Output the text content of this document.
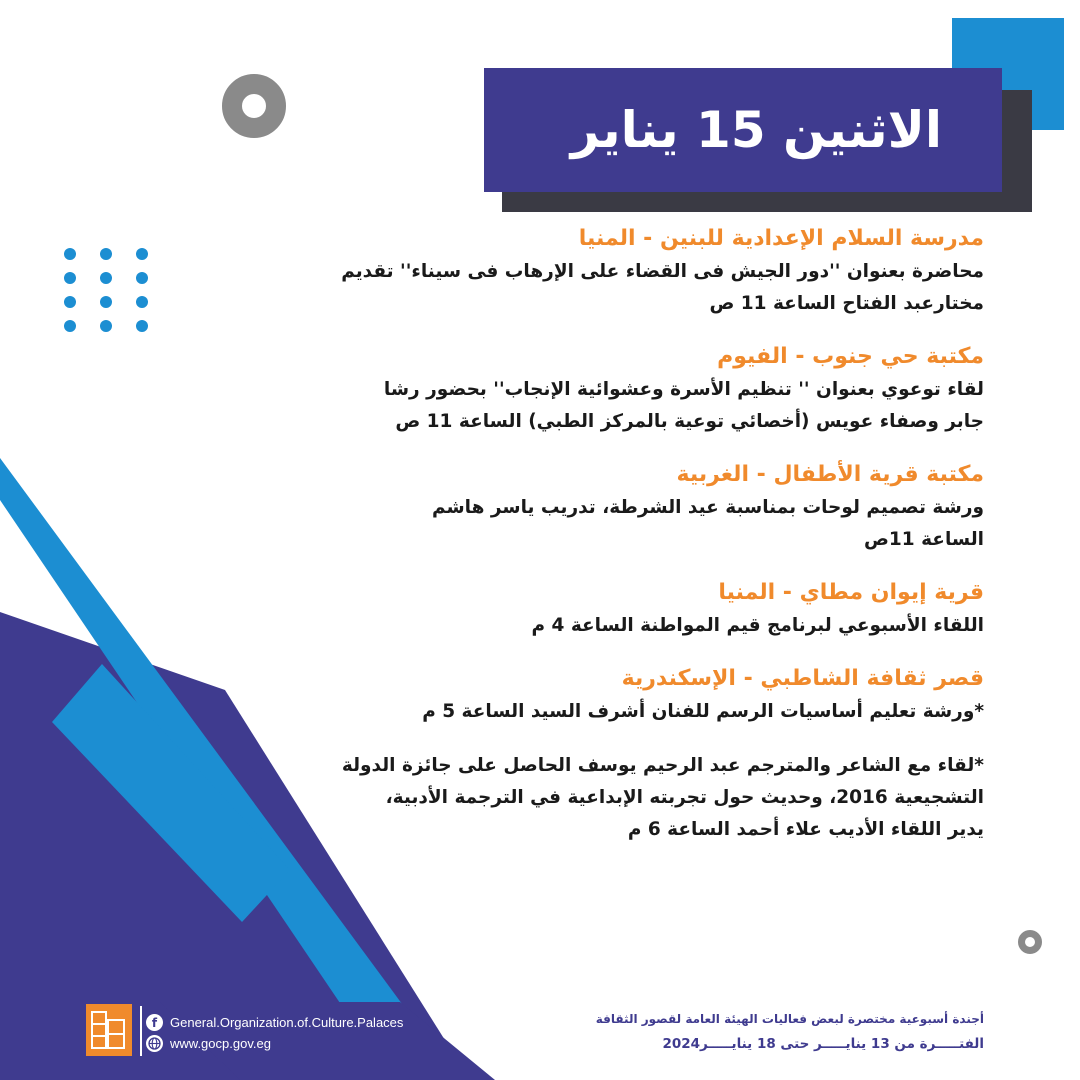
الاثنين 15 يناير
مدرسة السلام الإعدادية للبنين - المنيا
محاضرة بعنوان ''دور الجيش فى القضاء على الإرهاب فى سيناء'' تقديم
مختارعبد الفتاح الساعة 11 ص
مكتبة حي جنوب - الفيوم
لقاء توعوي بعنوان '' تنظيم الأسرة وعشوائية الإنجاب'' بحضور رشا
جابر وصفاء عويس (أخصائي توعية بالمركز الطبي) الساعة 11 ص
مكتبة قرية الأطفال - الغربية
ورشة تصميم لوحات بمناسبة عيد الشرطة، تدريب ياسر هاشم
الساعة 11ص
قرية إيوان مطاي - المنيا
اللقاء الأسبوعي لبرنامج قيم المواطنة الساعة 4 م
قصر ثقافة الشاطبي - الإسكندرية
*ورشة تعليم أساسيات الرسم للفنان أشرف السيد الساعة 5 م
*لقاء مع الشاعر والمترجم عبد الرحيم يوسف الحاصل على جائزة الدولة
التشجيعية 2016، وحديث حول تجربته الإبداعية في الترجمة الأدبية،
يدير اللقاء الأديب علاء أحمد الساعة 6 م
f General.Organization.of.Culture.Palaces
www.gocp.gov.eg
أجندة أسبوعية مختصرة لبعض فعاليات الهيئة العامة لقصور الثقافة
الفتـــــرة من 13 ينايـــــر حتى 18 ينايـــــر2024
